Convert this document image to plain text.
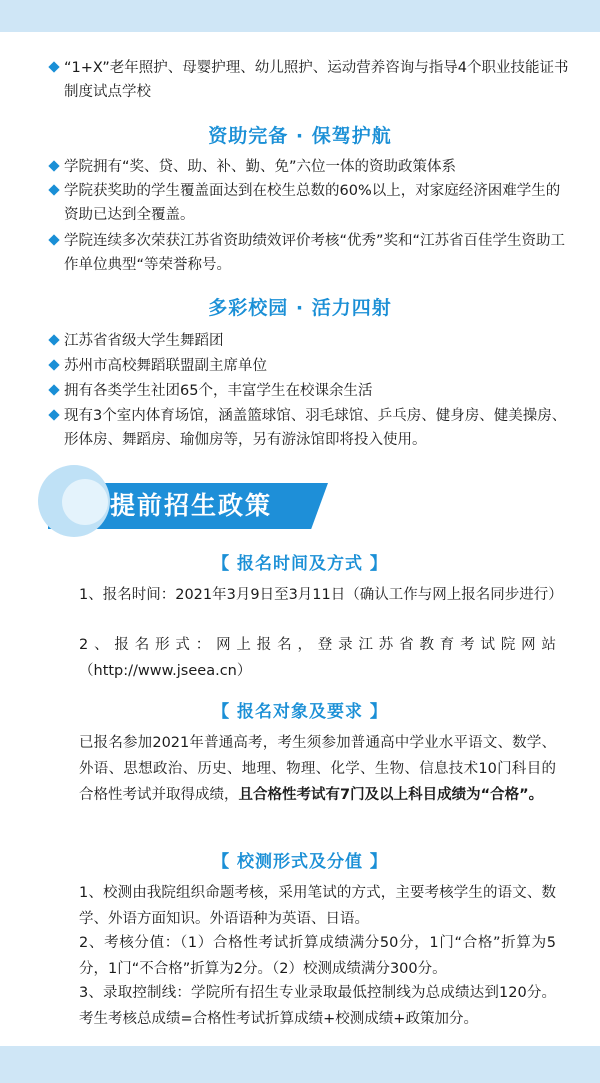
“1+X”老年照护、母婴护理、幼儿照护、运动营养咨询与指导4个职业技能证书制度试点学校
资助完备 · 保驾护航
学院拥有“奖、贷、助、补、勤、免”六位一体的资助政策体系
学院获奖助的学生覆盖面达到在校生总数的60%以上，对家庭经济困难学生的资助已达到全覆盖。
学院连续多次荣获江苏省资助绩效评价考核“优秀”奖和“江苏省百佳学生资助工作单位典型“等荣誉称号。
多彩校园 · 活力四射
江苏省省级大学生舞蹈团
苏州市高校舞蹈联盟副主席单位
拥有各类学生社团65个，丰富学生在校课余生活
现有3个室内体育场馆，涵盖篮球馆、羽毛球馆、乒乓房、健身房、健美操房、形体房、舞蹈房、瑜伽房等，另有游泳馆即将投入使用。
提前招生政策
【 报名时间及方式 】
1、报名时间：2021年3月9日至3月11日（确认工作与网上报名同步进行）
2、报名形式：网上报名，登录江苏省教育考试院网站（http://www.jseea.cn）
【 报名对象及要求 】
已报名参加2021年普通高考，考生须参加普通高中学业水平语文、数学、外语、思想政治、历史、地理、物理、化学、生物、信息技术10门科目的合格性考试并取得成绩，且合格性考试有7门及以上科目成绩为“合格”。
【 校测形式及分值 】
1、校测由我院组织命题考核，采用笔试的方式，主要考核学生的语文、数学、外语方面知识。外语语种为英语、日语。
2、考核分值：（1）合格性考试折算成绩满分50分，1门“合格”折算为5分，1门“不合格”折算为2分。（2）校测成绩满分300分。
3、录取控制线：学院所有招生专业录取最低控制线为总成绩达到120分。考生考核总成绩=合格性考试折算成绩+校测成绩+政策加分。
